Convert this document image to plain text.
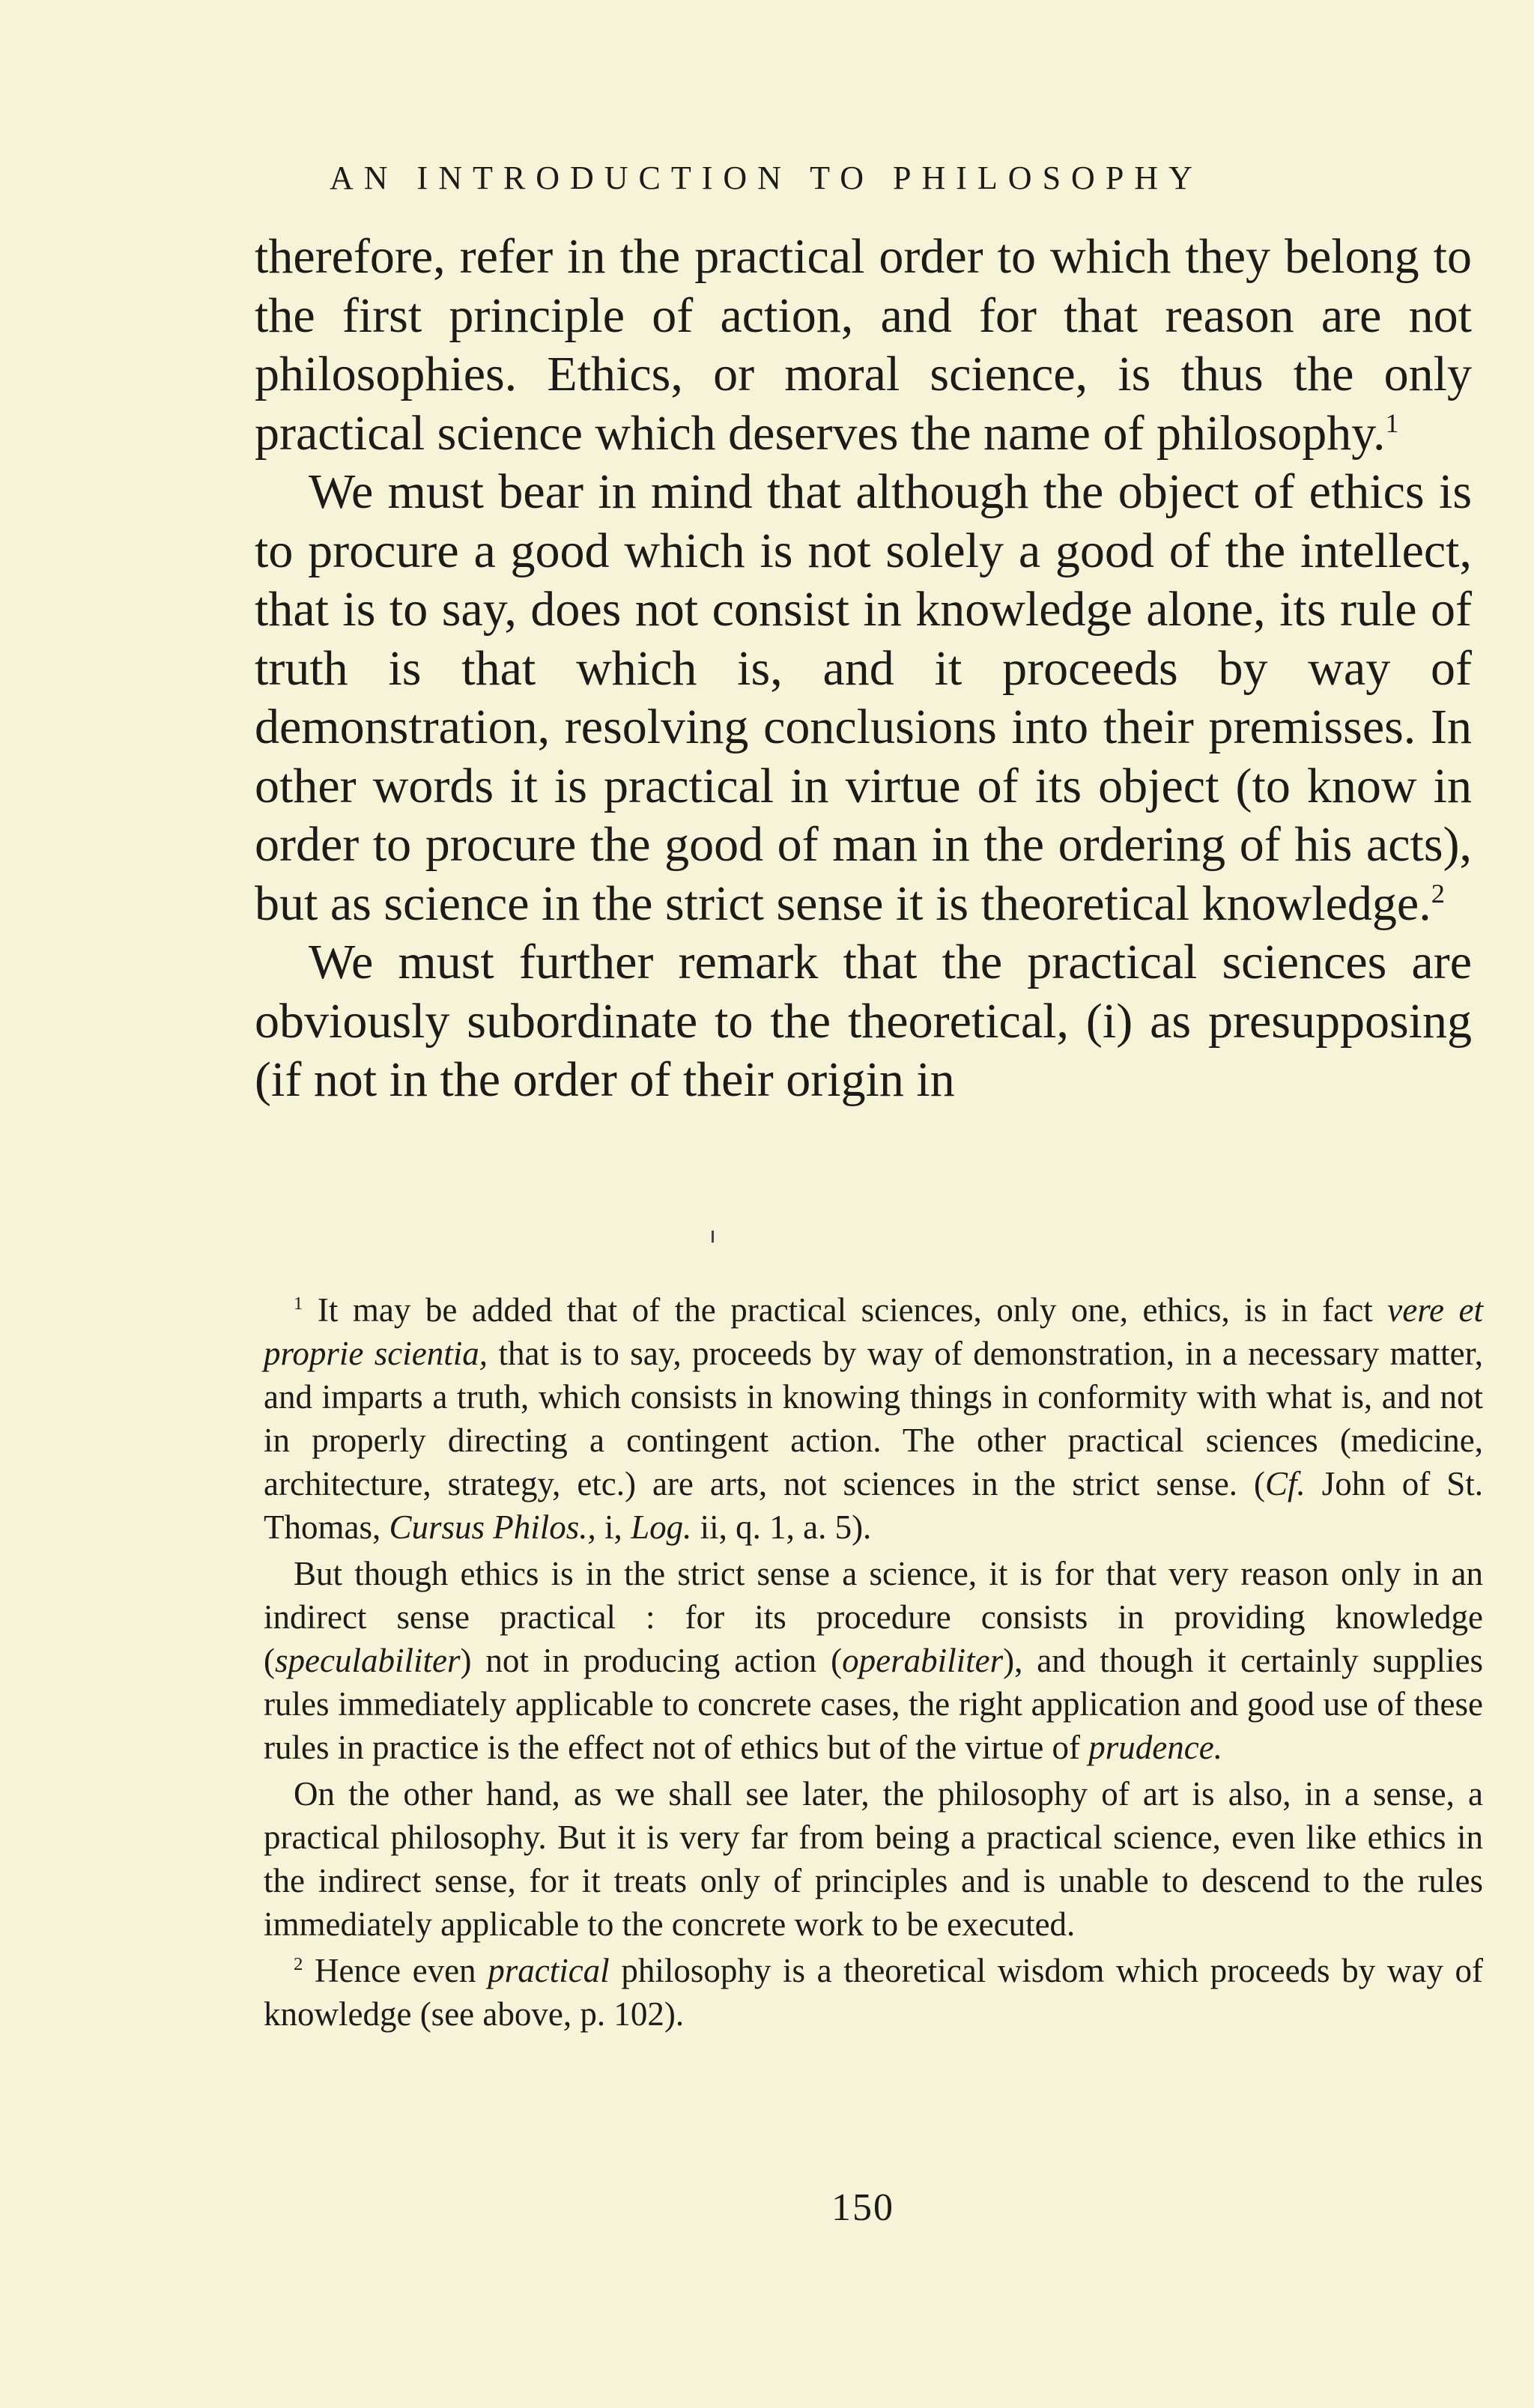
AN INTRODUCTION TO PHILOSOPHY

therefore, refer in the practical order to which they belong to the first principle of action, and for that reason are not philosophies. Ethics, or moral science, is thus the only practical science which deserves the name of philosophy.$^1$

We must bear in mind that although the object of ethics is to procure a good which is not solely a good of the intellect, that is to say, does not consist in knowledge alone, its rule of truth is that which is, and it proceeds by way of demonstration, resolving conclusions into their premisses. In other words it is practical in virtue of its object (to know in order to procure the good of man in the ordering of his acts), but as science in the strict sense it is theoretical knowledge.$^2$

We must further remark that the practical sciences are obviously subordinate to the theoretical, (i) as presupposing (if not in the order of their origin in

$^1$ It may be added that of the practical sciences, only one, ethics, is in fact vere et proprie scientia, that is to say, proceeds by way of demonstration, in a necessary matter, and imparts a truth, which consists in knowing things in conformity with what is, and not in properly directing a contingent action. The other practical sciences (medicine, architecture, strategy, etc.) are arts, not sciences in the strict sense. (Cf. John of St. Thomas, Cursus Philos., i, Log. ii, q. 1, a. 5).

But though ethics is in the strict sense a science, it is for that very reason only in an indirect sense practical : for its procedure consists in providing knowledge (speculabiliter) not in producing action (operabiliter), and though it certainly supplies rules immediately applicable to concrete cases, the right application and good use of these rules in practice is the effect not of ethics but of the virtue of prudence.

On the other hand, as we shall see later, the philosophy of art is also, in a sense, a practical philosophy. But it is very far from being a practical science, even like ethics in the indirect sense, for it treats only of principles and is unable to descend to the rules immediately applicable to the concrete work to be executed.

$^2$ Hence even practical philosophy is a theoretical wisdom which proceeds by way of knowledge (see above, p. 102).

150
